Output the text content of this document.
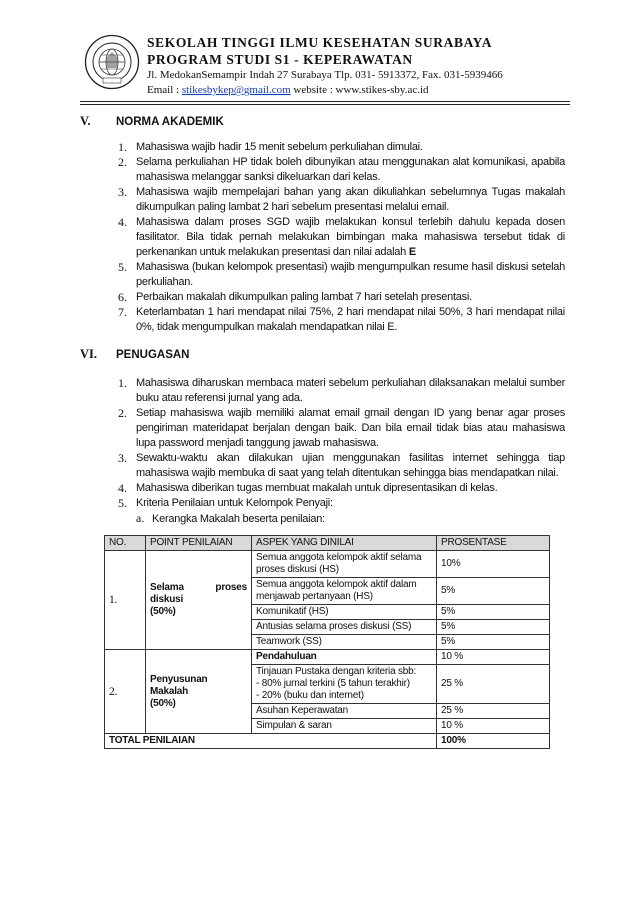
SEKOLAH TINGGI ILMU KESEHATAN SURABAYA
PROGRAM STUDI S1 - KEPERAWATAN
Jl. MedokanSemampir Indah 27 Surabaya Tlp. 031- 5913372, Fax. 031-5939466
Email : stikesbykep@gmail.com website : www.stikes-sby.ac.id
V. NORMA AKADEMIK
1. Mahasiswa wajib hadir 15 menit sebelum perkuliahan dimulai.
2. Selama perkuliahan HP tidak boleh dibunyikan atau menggunakan alat komunikasi, apabila mahasiswa melanggar sanksi dikeluarkan dari kelas.
3. Mahasiswa wajib mempelajari bahan yang akan dikuliahkan sebelumnya Tugas makalah dikumpulkan paling lambat 2 hari sebelum presentasi melalui email.
4. Mahasiswa dalam proses SGD wajib melakukan konsul terlebih dahulu kepada dosen fasilitator. Bila tidak pernah melakukan bimbingan maka mahasiswa tersebut tidak di perkenankan untuk melakukan presentasi dan nilai adalah E
5. Mahasiswa (bukan kelompok presentasi) wajib mengumpulkan resume hasil diskusi setelah perkuliahan.
6. Perbaikan makalah dikumpulkan paling lambat 7 hari setelah presentasi.
7. Keterlambatan 1 hari mendapat nilai 75%, 2 hari mendapat nilai 50%, 3 hari mendapat nilai 0%, tidak mengumpulkan makalah mendapatkan nilai E.
VI. PENUGASAN
1. Mahasiswa diharuskan membaca materi sebelum perkuliahan dilaksanakan melalui sumber buku atau referensi jurnal yang ada.
2. Setiap mahasiswa wajib memiliki alamat email gmail dengan ID yang benar agar proses pengiriman materidapat berjalan dengan baik. Dan bila email tidak bias atau mahasiswa lupa password menjadi tanggung jawab mahasiswa.
3. Sewaktu-waktu akan dilakukan ujian menggunakan fasilitas internet sehingga tiap mahasiswa wajib membuka di saat yang telah ditentukan sehingga bias mendapatkan nilai.
4. Mahasiswa diberikan tugas membuat makalah untuk dipresentasikan di kelas.
5. Kriteria Penilaian untuk Kelompok Penyaji:
a. Kerangka Makalah beserta penilaian:
NO.	POINT PENILAIAN	ASPEK YANG DINILAI	PROSENTASE
1.	Selama proses
diskusi
(50%)	Semua anggota kelompok aktif selama proses diskusi (HS)	10%
		Semua anggota kelompok aktif dalam menjawab pertanyaan (HS)	5%
		Komunikatif (HS)	5%
		Antusias selama proses diskusi (SS)	5%
		Teamwork (SS)	5%
2.	Penyusunan
Makalah
(50%)	Pendahuluan	10 %

		Tinjauan Pustaka dengan kriteria sbb:
- 80% jurnal terkini (5 tahun terakhir)
- 20% (buku dan internet)	25 %
		Asuhan Keperawatan	25 %
		Simpulan & saran	10 %
TOTAL PENILAIAN			100%
